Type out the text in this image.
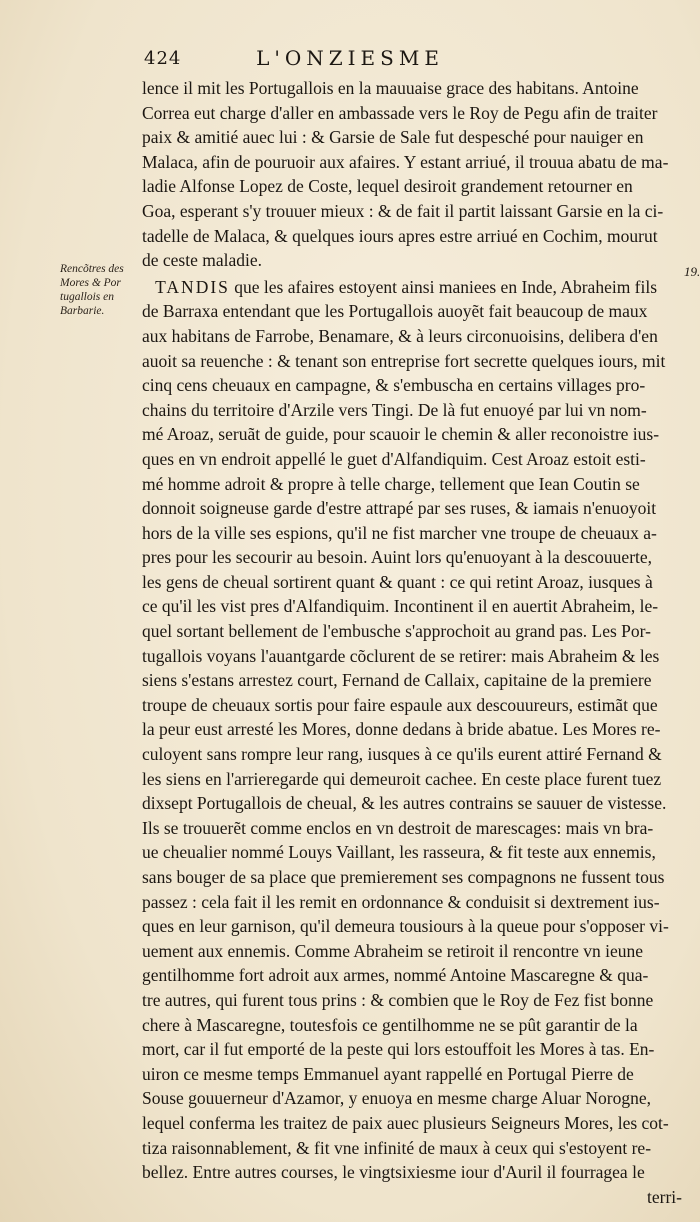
424	L'ONZIESME
Rencõtres des
Mores & Por
tugallois en
Barbarie.
19.
lence il mit les Portugallois en la mauuaise grace des habitans. Antoine
Correa eut charge d'aller en ambassade vers le Roy de Pegu afin de traiter
paix & amitié auec lui : & Garsie de Sale fut despesché pour nauiger en
Malaca, afin de pouruoir aux afaires. Y estant arriué, il trouua abatu de ma-
ladie Alfonse Lopez de Coste, lequel desiroit grandement retourner en
Goa, esperant s'y trouuer mieux : & de fait il partit laissant Garsie en la ci-
tadelle de Malaca, & quelques iours apres estre arriué en Cochim, mourut
de ceste maladie.
TANDIS que les afaires estoyent ainsi maniees en Inde, Abraheim fils
de Barraxa entendant que les Portugallois auoyẽt fait beaucoup de maux
aux habitans de Farrobe, Benamare, & à leurs circonuoisins, delibera d'en
auoit sa reuenche : & tenant son entreprise fort secrette quelques iours, mit
cinq cens cheuaux en campagne, & s'embuscha en certains villages pro-
chains du territoire d'Arzile vers Tingi. De là fut enuoyé par lui vn nom-
mé Aroaz, seruãt de guide, pour scauoir le chemin & aller reconoistre ius-
ques en vn endroit appellé le guet d'Alfandiquim. Cest Aroaz estoit esti-
mé homme adroit & propre à telle charge, tellement que Iean Coutin se
donnoit soigneuse garde d'estre attrapé par ses ruses, & iamais n'enuoyoit
hors de la ville ses espions, qu'il ne fist marcher vne troupe de cheuaux a-
pres pour les secourir au besoin. Auint lors qu'enuoyant à la descouuerte,
les gens de cheual sortirent quant & quant : ce qui retint Aroaz, iusques à
ce qu'il les vist pres d'Alfandiquim. Incontinent il en auertit Abraheim, le-
quel sortant bellement de l'embusche s'approchoit au grand pas. Les Por-
tugallois voyans l'auantgarde cõclurent de se retirer: mais Abraheim & les
siens s'estans arrestez court, Fernand de Callaix, capitaine de la premiere
troupe de cheuaux sortis pour faire espaule aux descouureurs, estimãt que
la peur eust arresté les Mores, donne dedans à bride abatue. Les Mores re-
culoyent sans rompre leur rang, iusques à ce qu'ils eurent attiré Fernand &
les siens en l'arrieregarde qui demeuroit cachee. En ceste place furent tuez
dixsept Portugallois de cheual, & les autres contrains se sauuer de vistesse.
Ils se trouuerẽt comme enclos en vn destroit de marescages: mais vn bra-
ue cheualier nommé Louys Vaillant, les rasseura, & fit teste aux ennemis,
sans bouger de sa place que premierement ses compagnons ne fussent tous
passez : cela fait il les remit en ordonnance & conduisit si dextrement ius-
ques en leur garnison, qu'il demeura tousiours à la queue pour s'opposer vi-
uement aux ennemis. Comme Abraheim se retiroit il rencontre vn ieune
gentilhomme fort adroit aux armes, nommé Antoine Mascaregne & qua-
tre autres, qui furent tous prins : & combien que le Roy de Fez fist bonne
chere à Mascaregne, toutesfois ce gentilhomme ne se pût garantir de la
mort, car il fut emporté de la peste qui lors estouffoit les Mores à tas. En-
uiron ce mesme temps Emmanuel ayant rappellé en Portugal Pierre de
Souse gouuerneur d'Azamor, y enuoya en mesme charge Aluar Norogne,
lequel conferma les traitez de paix auec plusieurs Seigneurs Mores, les cot-
tiza raisonnablement, & fit vne infinité de maux à ceux qui s'estoyent re-
bellez. Entre autres courses, le vingtsixiesme iour d'Auril il fourragea le
terri-
